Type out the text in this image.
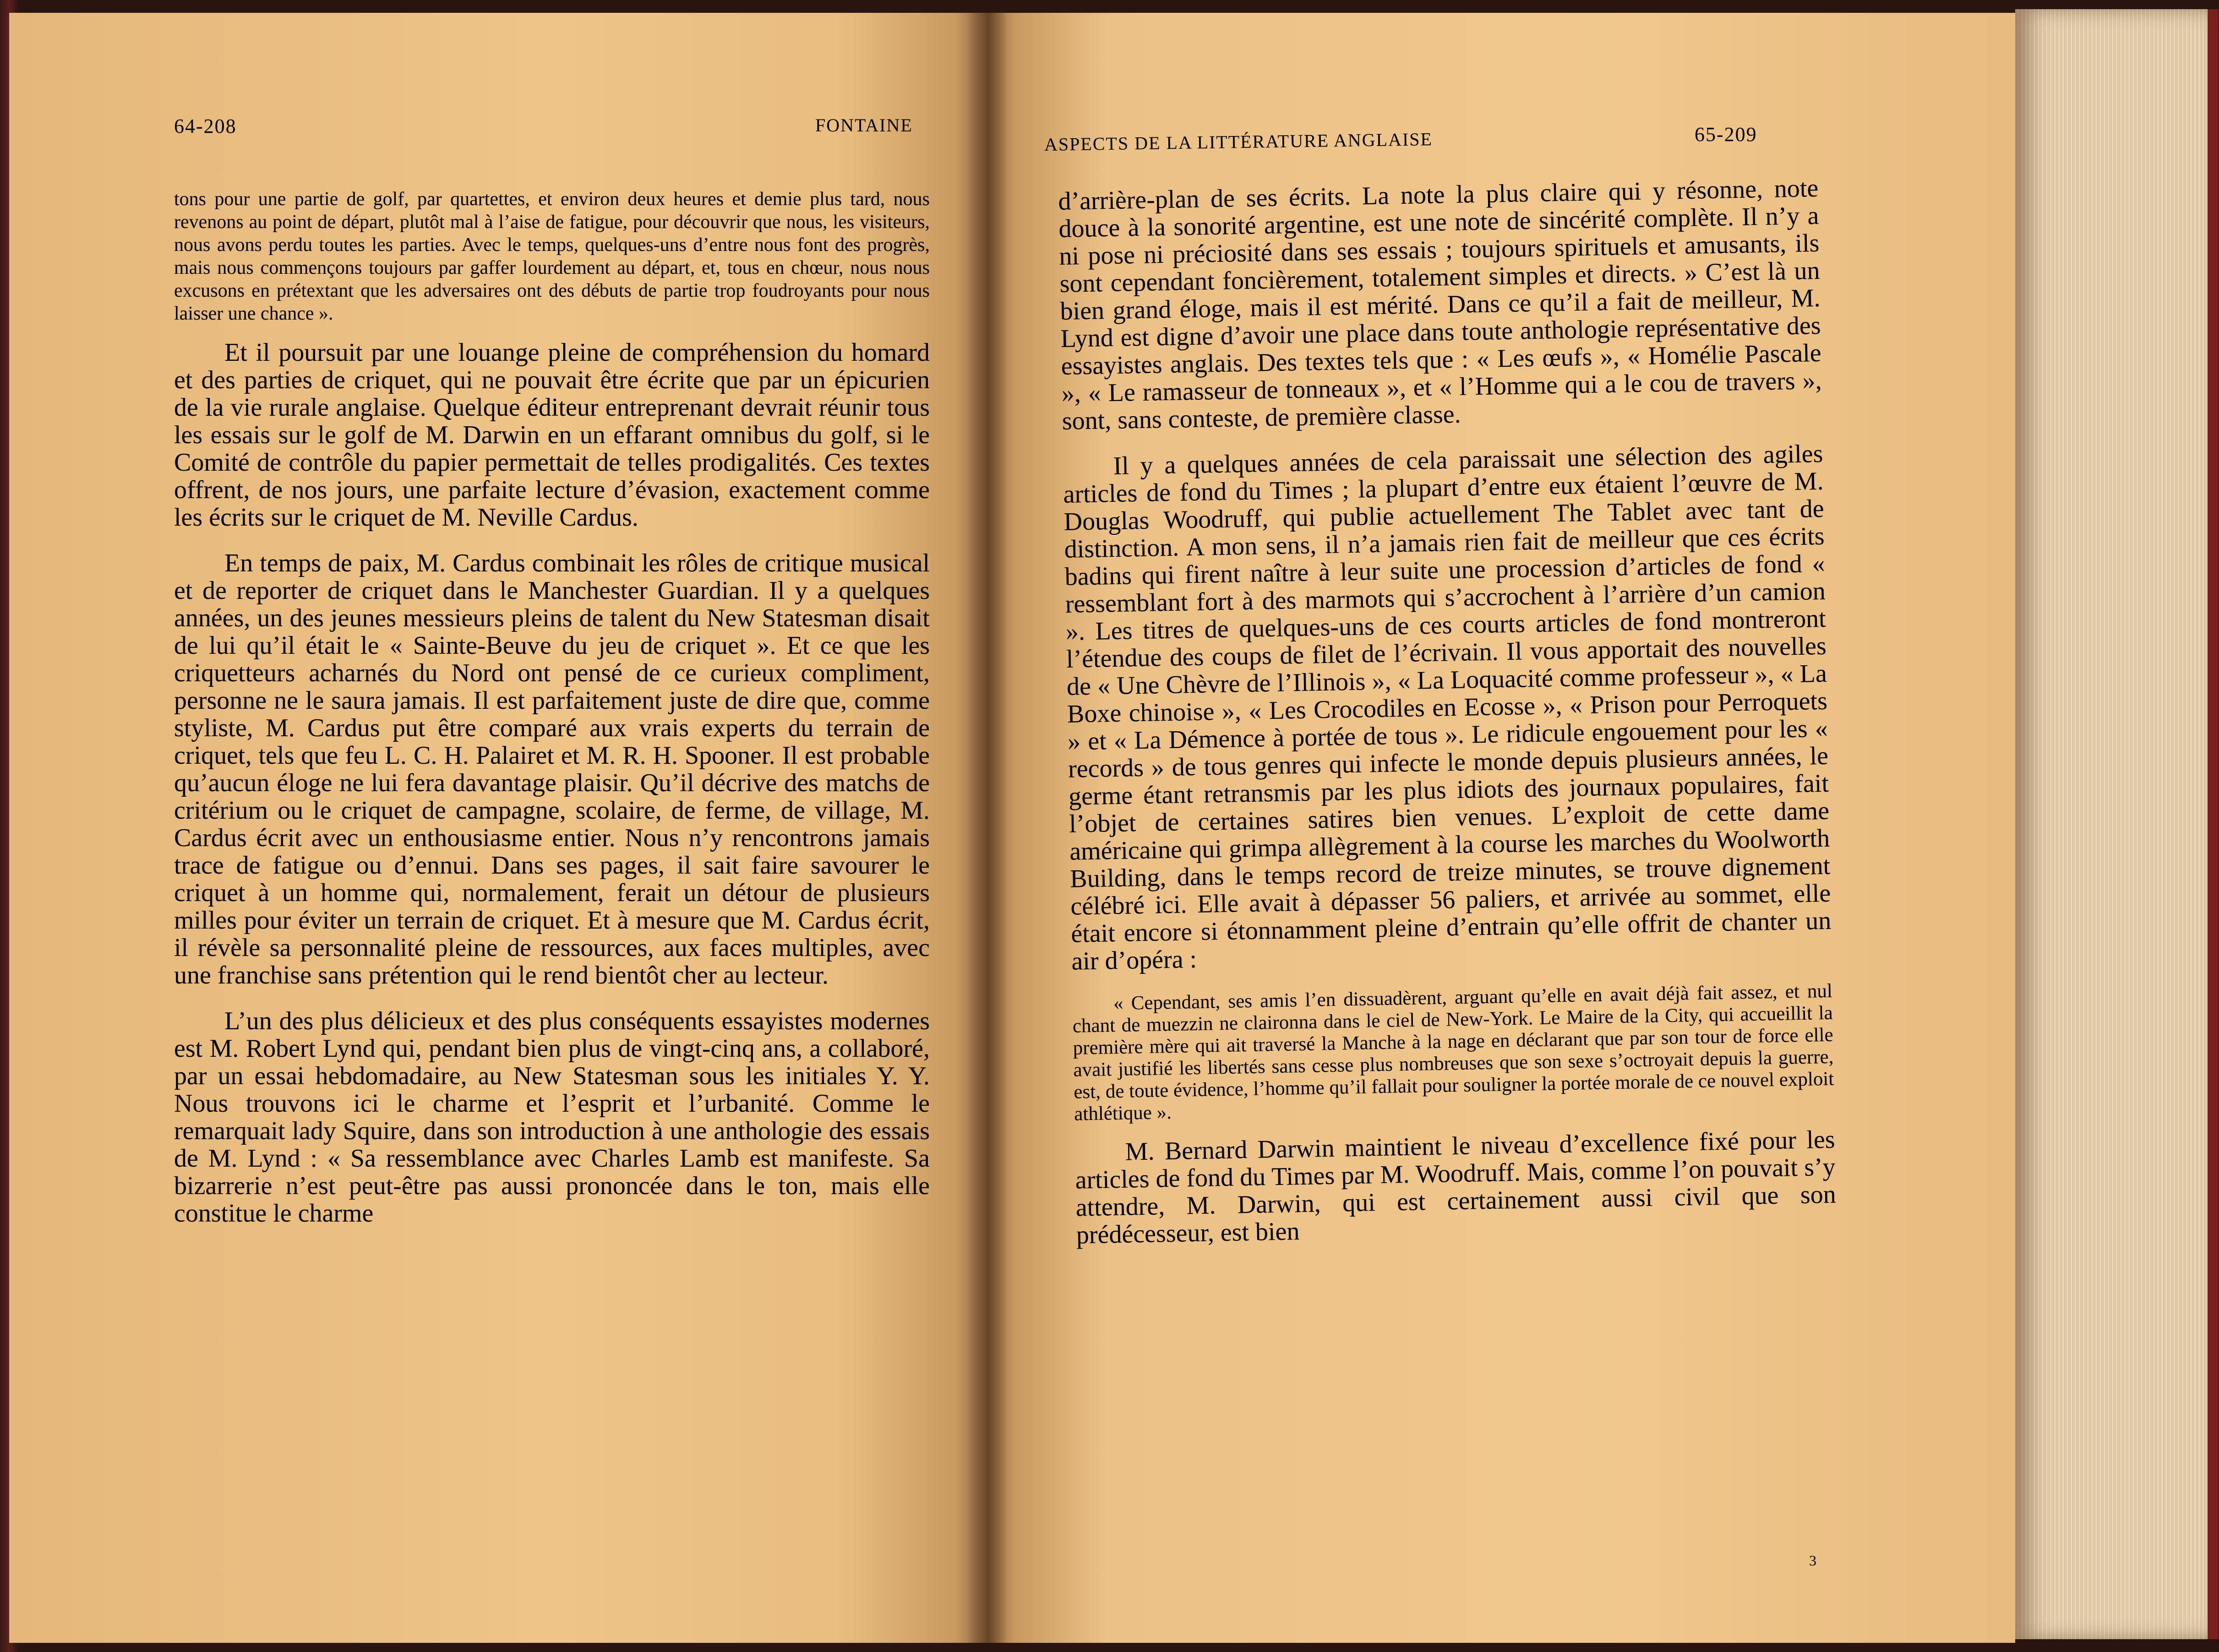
64-208	FONTAINE
ASPECTS DE LA LITTÉRATURE ANGLAISE	65-209

tons pour une partie de golf, par quartettes, et environ deux heures et demie plus tard, nous revenons au point de départ, plutôt mal à l’aise de fatigue, pour découvrir que nous, les visiteurs, nous avons perdu toutes les parties. Avec le temps, quelques-uns d’entre nous font des progrès, mais nous commençons toujours par gaffer lourdement au départ, et, tous en chœur, nous nous excusons en prétextant que les adversaires ont des débuts de partie trop foudroyants pour nous laisser une chance ».

Et il poursuit par une louange pleine de compréhension du homard et des parties de criquet, qui ne pouvait être écrite que par un épicurien de la vie rurale anglaise. Quelque éditeur entreprenant devrait réunir tous les essais sur le golf de M. Darwin en un effarant omnibus du golf, si le Comité de contrôle du papier permettait de telles prodigalités. Ces textes offrent, de nos jours, une parfaite lecture d’évasion, exactement comme les écrits sur le criquet de M. Neville Cardus.

En temps de paix, M. Cardus combinait les rôles de critique musical et de reporter de criquet dans le Manchester Guardian. Il y a quelques années, un des jeunes messieurs pleins de talent du New Statesman disait de lui qu’il était le « Sainte-Beuve du jeu de criquet ». Et ce que les criquetteurs acharnés du Nord ont pensé de ce curieux compliment, personne ne le saura jamais. Il est parfaitement juste de dire que, comme styliste, M. Cardus put être comparé aux vrais experts du terrain de criquet, tels que feu L. C. H. Palairet et M. R. H. Spooner. Il est probable qu’aucun éloge ne lui fera davantage plaisir. Qu’il décrive des matchs de critérium ou le criquet de campagne, scolaire, de ferme, de village, M. Cardus écrit avec un enthousiasme entier. Nous n’y rencontrons jamais trace de fatigue ou d’ennui. Dans ses pages, il sait faire savourer le criquet à un homme qui, normalement, ferait un détour de plusieurs milles pour éviter un terrain de criquet. Et à mesure que M. Cardus écrit, il révèle sa personnalité pleine de ressources, aux faces multiples, avec une franchise sans prétention qui le rend bientôt cher au lecteur.

L’un des plus délicieux et des plus conséquents essayistes modernes est M. Robert Lynd qui, pendant bien plus de vingt-cinq ans, a collaboré, par un essai hebdomadaire, au New Statesman sous les initiales Y. Y. Nous trouvons ici le charme et l’esprit et l’urbanité. Comme le remarquait lady Squire, dans son introduction à une anthologie des essais de M. Lynd : « Sa ressemblance avec Charles Lamb est manifeste. Sa bizarrerie n’est peut-être pas aussi prononcée dans le ton, mais elle constitue le charme

d’arrière-plan de ses écrits. La note la plus claire qui y résonne, note douce à la sonorité argentine, est une note de sincérité complète. Il n’y a ni pose ni préciosité dans ses essais ; toujours spirituels et amusants, ils sont cependant foncièrement, totalement simples et directs. » C’est là un bien grand éloge, mais il est mérité. Dans ce qu’il a fait de meilleur, M. Lynd est digne d’avoir une place dans toute anthologie représentative des essayistes anglais. Des textes tels que : « Les œufs », « Homélie Pascale », « Le ramasseur de tonneaux », et « l’Homme qui a le cou de travers », sont, sans conteste, de première classe.

Il y a quelques années de cela paraissait une sélection des agiles articles de fond du Times ; la plupart d’entre eux étaient l’œuvre de M. Douglas Woodruff, qui publie actuellement The Tablet avec tant de distinction. A mon sens, il n’a jamais rien fait de meilleur que ces écrits badins qui firent naître à leur suite une procession d’articles de fond « ressemblant fort à des marmots qui s’accrochent à l’arrière d’un camion ». Les titres de quelques-uns de ces courts articles de fond montreront l’étendue des coups de filet de l’écrivain. Il vous apportait des nouvelles de « Une Chèvre de l’Illinois », « La Loquacité comme professeur », « La Boxe chinoise », « Les Crocodiles en Ecosse », « Prison pour Perroquets » et « La Démence à portée de tous ». Le ridicule engouement pour les « records » de tous genres qui infecte le monde depuis plusieurs années, le germe étant retransmis par les plus idiots des journaux populaires, fait l’objet de certaines satires bien venues. L’exploit de cette dame américaine qui grimpa allègrement à la course les marches du Woolworth Building, dans le temps record de treize minutes, se trouve dignement célébré ici. Elle avait à dépasser 56 paliers, et arrivée au sommet, elle était encore si étonnamment pleine d’entrain qu’elle offrit de chanter un air d’opéra :

« Cependant, ses amis l’en dissuadèrent, arguant qu’elle en avait déjà fait assez, et nul chant de muezzin ne claironna dans le ciel de New-York. Le Maire de la City, qui accueillit la première mère qui ait traversé la Manche à la nage en déclarant que par son tour de force elle avait justifié les libertés sans cesse plus nombreuses que son sexe s’octroyait depuis la guerre, est, de toute évidence, l’homme qu’il fallait pour souligner la portée morale de ce nouvel exploit athlétique ».

M. Bernard Darwin maintient le niveau d’excellence fixé pour les articles de fond du Times par M. Woodruff. Mais, comme l’on pouvait s’y attendre, M. Darwin, qui est certainement aussi civil que son prédécesseur, est bien

3
